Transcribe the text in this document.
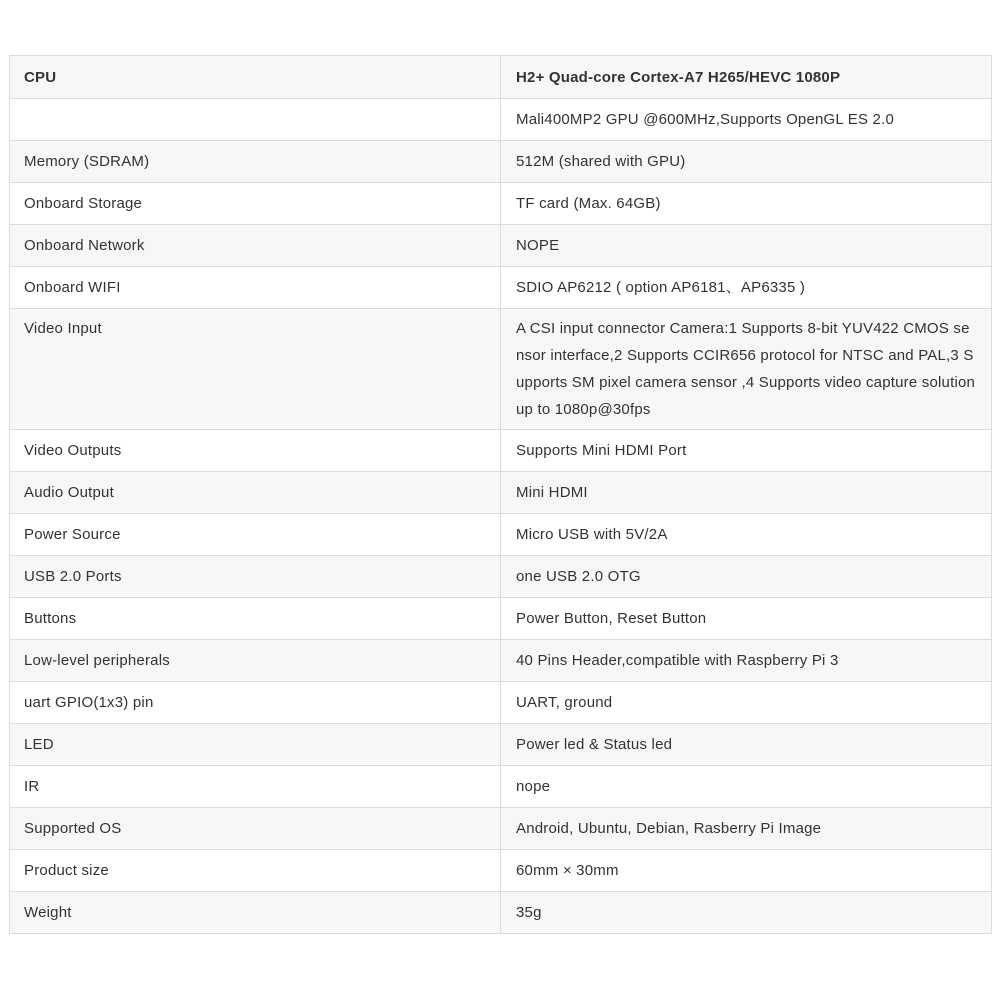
CPU	H2+ Quad-core Cortex-A7 H265/HEVC 1080P
	Mali400MP2 GPU @600MHz,Supports OpenGL ES 2.0
Memory (SDRAM)	512M (shared with GPU)
Onboard Storage	TF card (Max. 64GB)
Onboard Network	NOPE
Onboard WIFI	SDIO AP6212 ( option AP6181、AP6335 )
Video Input	A CSI input connector Camera:1 Supports 8-bit YUV422 CMOS sensor interface,2 Supports CCIR656 protocol for NTSC and PAL,3 Supports SM pixel camera sensor ,4 Supports video capture solution up to 1080p@30fps
Video Outputs	Supports Mini HDMI Port
Audio Output	Mini HDMI
Power Source	Micro USB with 5V/2A
USB 2.0 Ports	one USB 2.0 OTG
Buttons	Power Button, Reset Button
Low-level peripherals	40 Pins Header,compatible with Raspberry Pi 3
uart GPIO(1x3) pin	UART, ground
LED	Power led & Status led
IR	nope
Supported OS	Android, Ubuntu, Debian, Rasberry Pi Image
Product size	60mm × 30mm
Weight	35g
